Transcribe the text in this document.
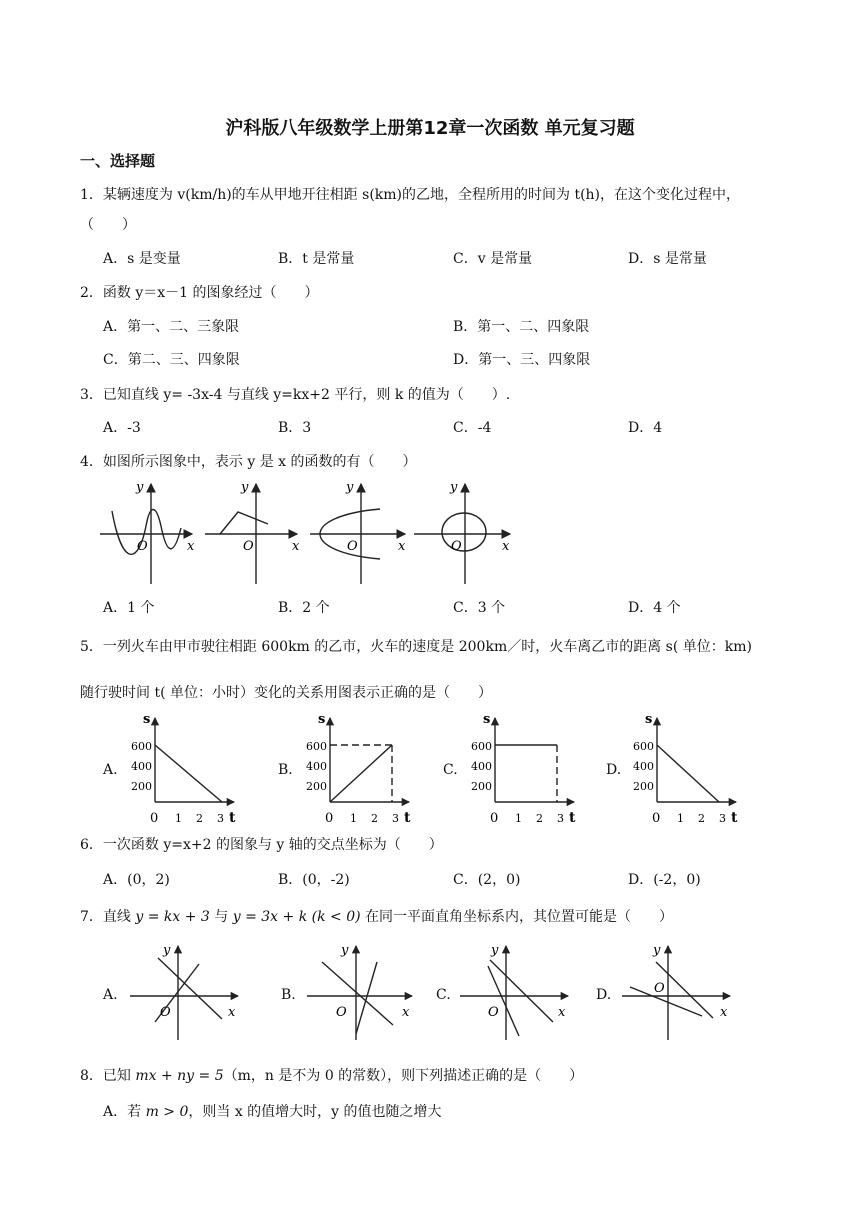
沪科版八年级数学上册第12章一次函数 单元复习题
一、选择题
1．某辆速度为 v(km/h)的车从甲地开往相距 s(km)的乙地，全程所用的时间为 t(h)，在这个变化过程中，
（　　）
A．s 是变量	B．t 是常量	C．v 是常量	D．s 是常量
2．函数 y＝x－1 的图象经过（　　）
A．第一、二、三象限	B．第一、二、四象限
C．第二、三、四象限	D．第一、三、四象限
3．已知直线 y= -3x-4 与直线 y=kx+2 平行，则 k 的值为（　　）.
A．-3	B．3	C．-4	D．4
4．如图所示图象中，表示 y 是 x 的函数的有（　　）
y
x
O
y
x
O
y
x
O
y
x
O
A．1 个	B．2 个	C．3 个	D．4 个
5．一列火车由甲市驶往相距 600km 的乙市，火车的速度是 200km／时，火车离乙市的距离 s( 单位：km)
随行驶时间 t( 单位：小时）变化的关系用图表示正确的是（　　）
A.	B.	C.	D.
s
t
600
400
200
0 1 2 3
s
t
600
400
200
0 1 2 3
s
t
600
400
200
0 1 2 3
s
t
600
400
200
0 1 2 3
6．一次函数 y=x+2 的图象与 y 轴的交点坐标为（　　）
A．(0，2)	B．(0，-2)	C．(2，0)	D．(-2，0)
7．直线 y = kx + 3 与 y = 3x + k (k < 0) 在同一平面直角坐标系内，其位置可能是（　　）
A.	B.	C.	D.
y
x
O
y
x
O
y
x
O
y
x
O
8．已知 mx + ny = 5（m，n 是不为 0 的常数），则下列描述正确的是（　　）
A．若 m > 0，则当 x 的值增大时，y 的值也随之增大
